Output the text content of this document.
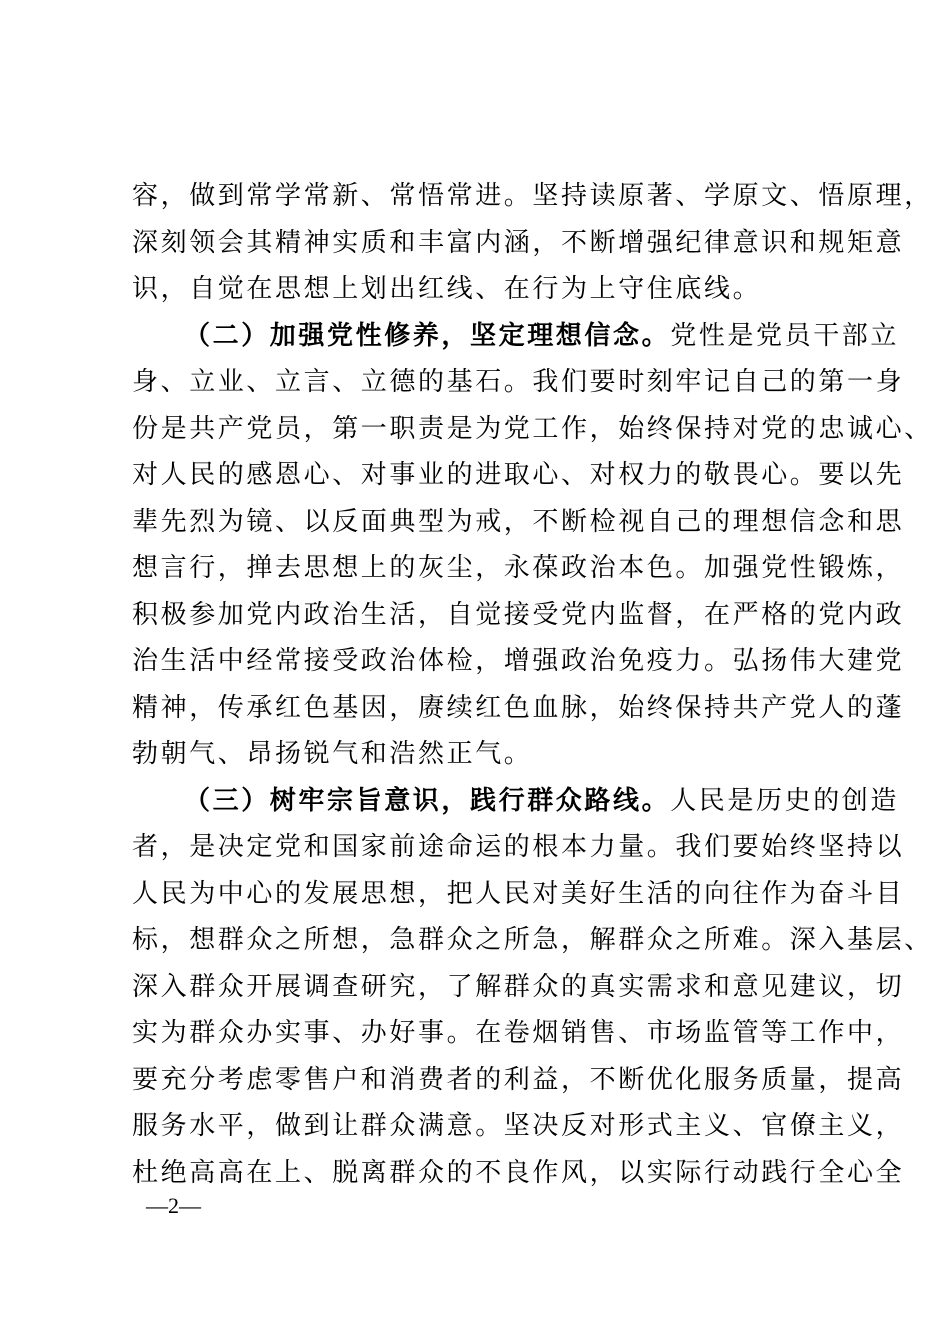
容，做到常学常新、常悟常进。坚持读原著、学原文、悟原理，
深刻领会其精神实质和丰富内涵，不断增强纪律意识和规矩意
识，自觉在思想上划出红线、在行为上守住底线。
（二）加强党性修养，坚定理想信念。党性是党员干部立
身、立业、立言、立德的基石。我们要时刻牢记自己的第一身
份是共产党员，第一职责是为党工作，始终保持对党的忠诚心、
对人民的感恩心、对事业的进取心、对权力的敬畏心。要以先
辈先烈为镜、以反面典型为戒，不断检视自己的理想信念和思
想言行，掸去思想上的灰尘，永葆政治本色。加强党性锻炼，
积极参加党内政治生活，自觉接受党内监督，在严格的党内政
治生活中经常接受政治体检，增强政治免疫力。弘扬伟大建党
精神，传承红色基因，赓续红色血脉，始终保持共产党人的蓬
勃朝气、昂扬锐气和浩然正气。
（三）树牢宗旨意识，践行群众路线。人民是历史的创造
者，是决定党和国家前途命运的根本力量。我们要始终坚持以
人民为中心的发展思想，把人民对美好生活的向往作为奋斗目
标，想群众之所想，急群众之所急，解群众之所难。深入基层、
深入群众开展调查研究，了解群众的真实需求和意见建议，切
实为群众办实事、办好事。在卷烟销售、市场监管等工作中，
要充分考虑零售户和消费者的利益，不断优化服务质量，提高
服务水平，做到让群众满意。坚决反对形式主义、官僚主义，
杜绝高高在上、脱离群众的不良作风，以实际行动践行全心全
—2—
